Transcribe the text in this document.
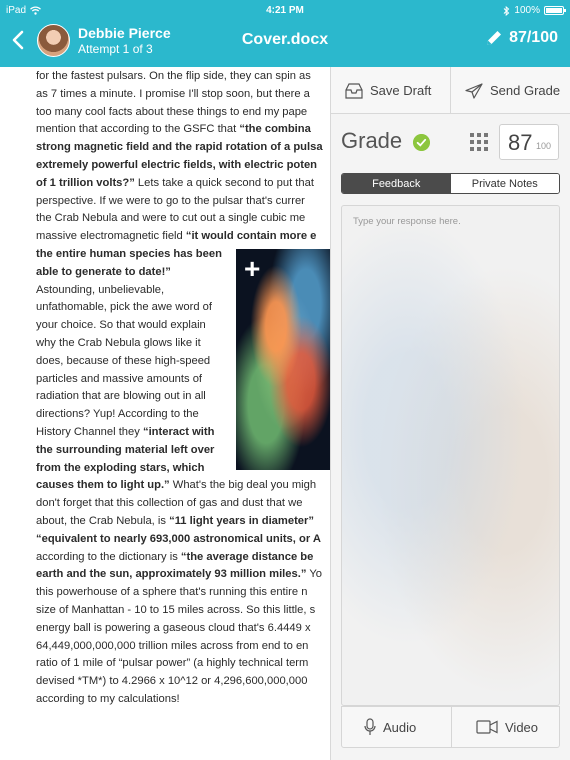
iPad	4:21 PM	100%
Debbie Pierce
Attempt 1 of 3
Cover.docx	87/100

for the fastest pulsars. On the flip side, they can spin as

as 7 times a minute. I promise I'll stop soon, but there a

too many cool facts about these things to end my pape

mention that according to the GSFC that “the combina

strong magnetic field and the rapid rotation of a pulsa

extremely powerful electric fields, with electric poten

of 1 trillion volts?” Lets take a quick second to put that

perspective. If we were to go to the pulsar that's currer

the Crab Nebula and were to cut out a single cubic me

massive electromagnetic field “it would contain more e

the entire human species has been

able to generate to date!”

Astounding, unbelievable,

unfathomable, pick the awe word of

your choice. So that would explain

why the Crab Nebula glows like it

does, because of these high-speed

particles and massive amounts of

radiation that are blowing out in all

directions? Yup! According to the

History Channel they “interact with

the surrounding material left over

from the exploding stars, which

causes them to light up.” What's the big deal you migh

don't forget that this collection of gas and dust that we

about, the Crab Nebula, is “11 light years in diameter”

“equivalent to nearly 693,000 astronomical units, or A

according to the dictionary is “the average distance be

earth and the sun, approximately 93 million miles.” Yo

this powerhouse of a sphere that's running this entire n

size of Manhattan - 10 to 15 miles across. So this little, s

energy ball is powering a gaseous cloud that's 6.4449 x

64,449,000,000,000 trillion miles across from end to en

ratio of 1 mile of “pulsar power” (a highly technical term

devised *TM*) to 4.2966 x 10^12 or 4,296,600,000,000

according to my calculations!

+
Save Draft	Send Grade
Grade	87 100
Feedback	Private Notes
Type your response here.
Audio	Video
